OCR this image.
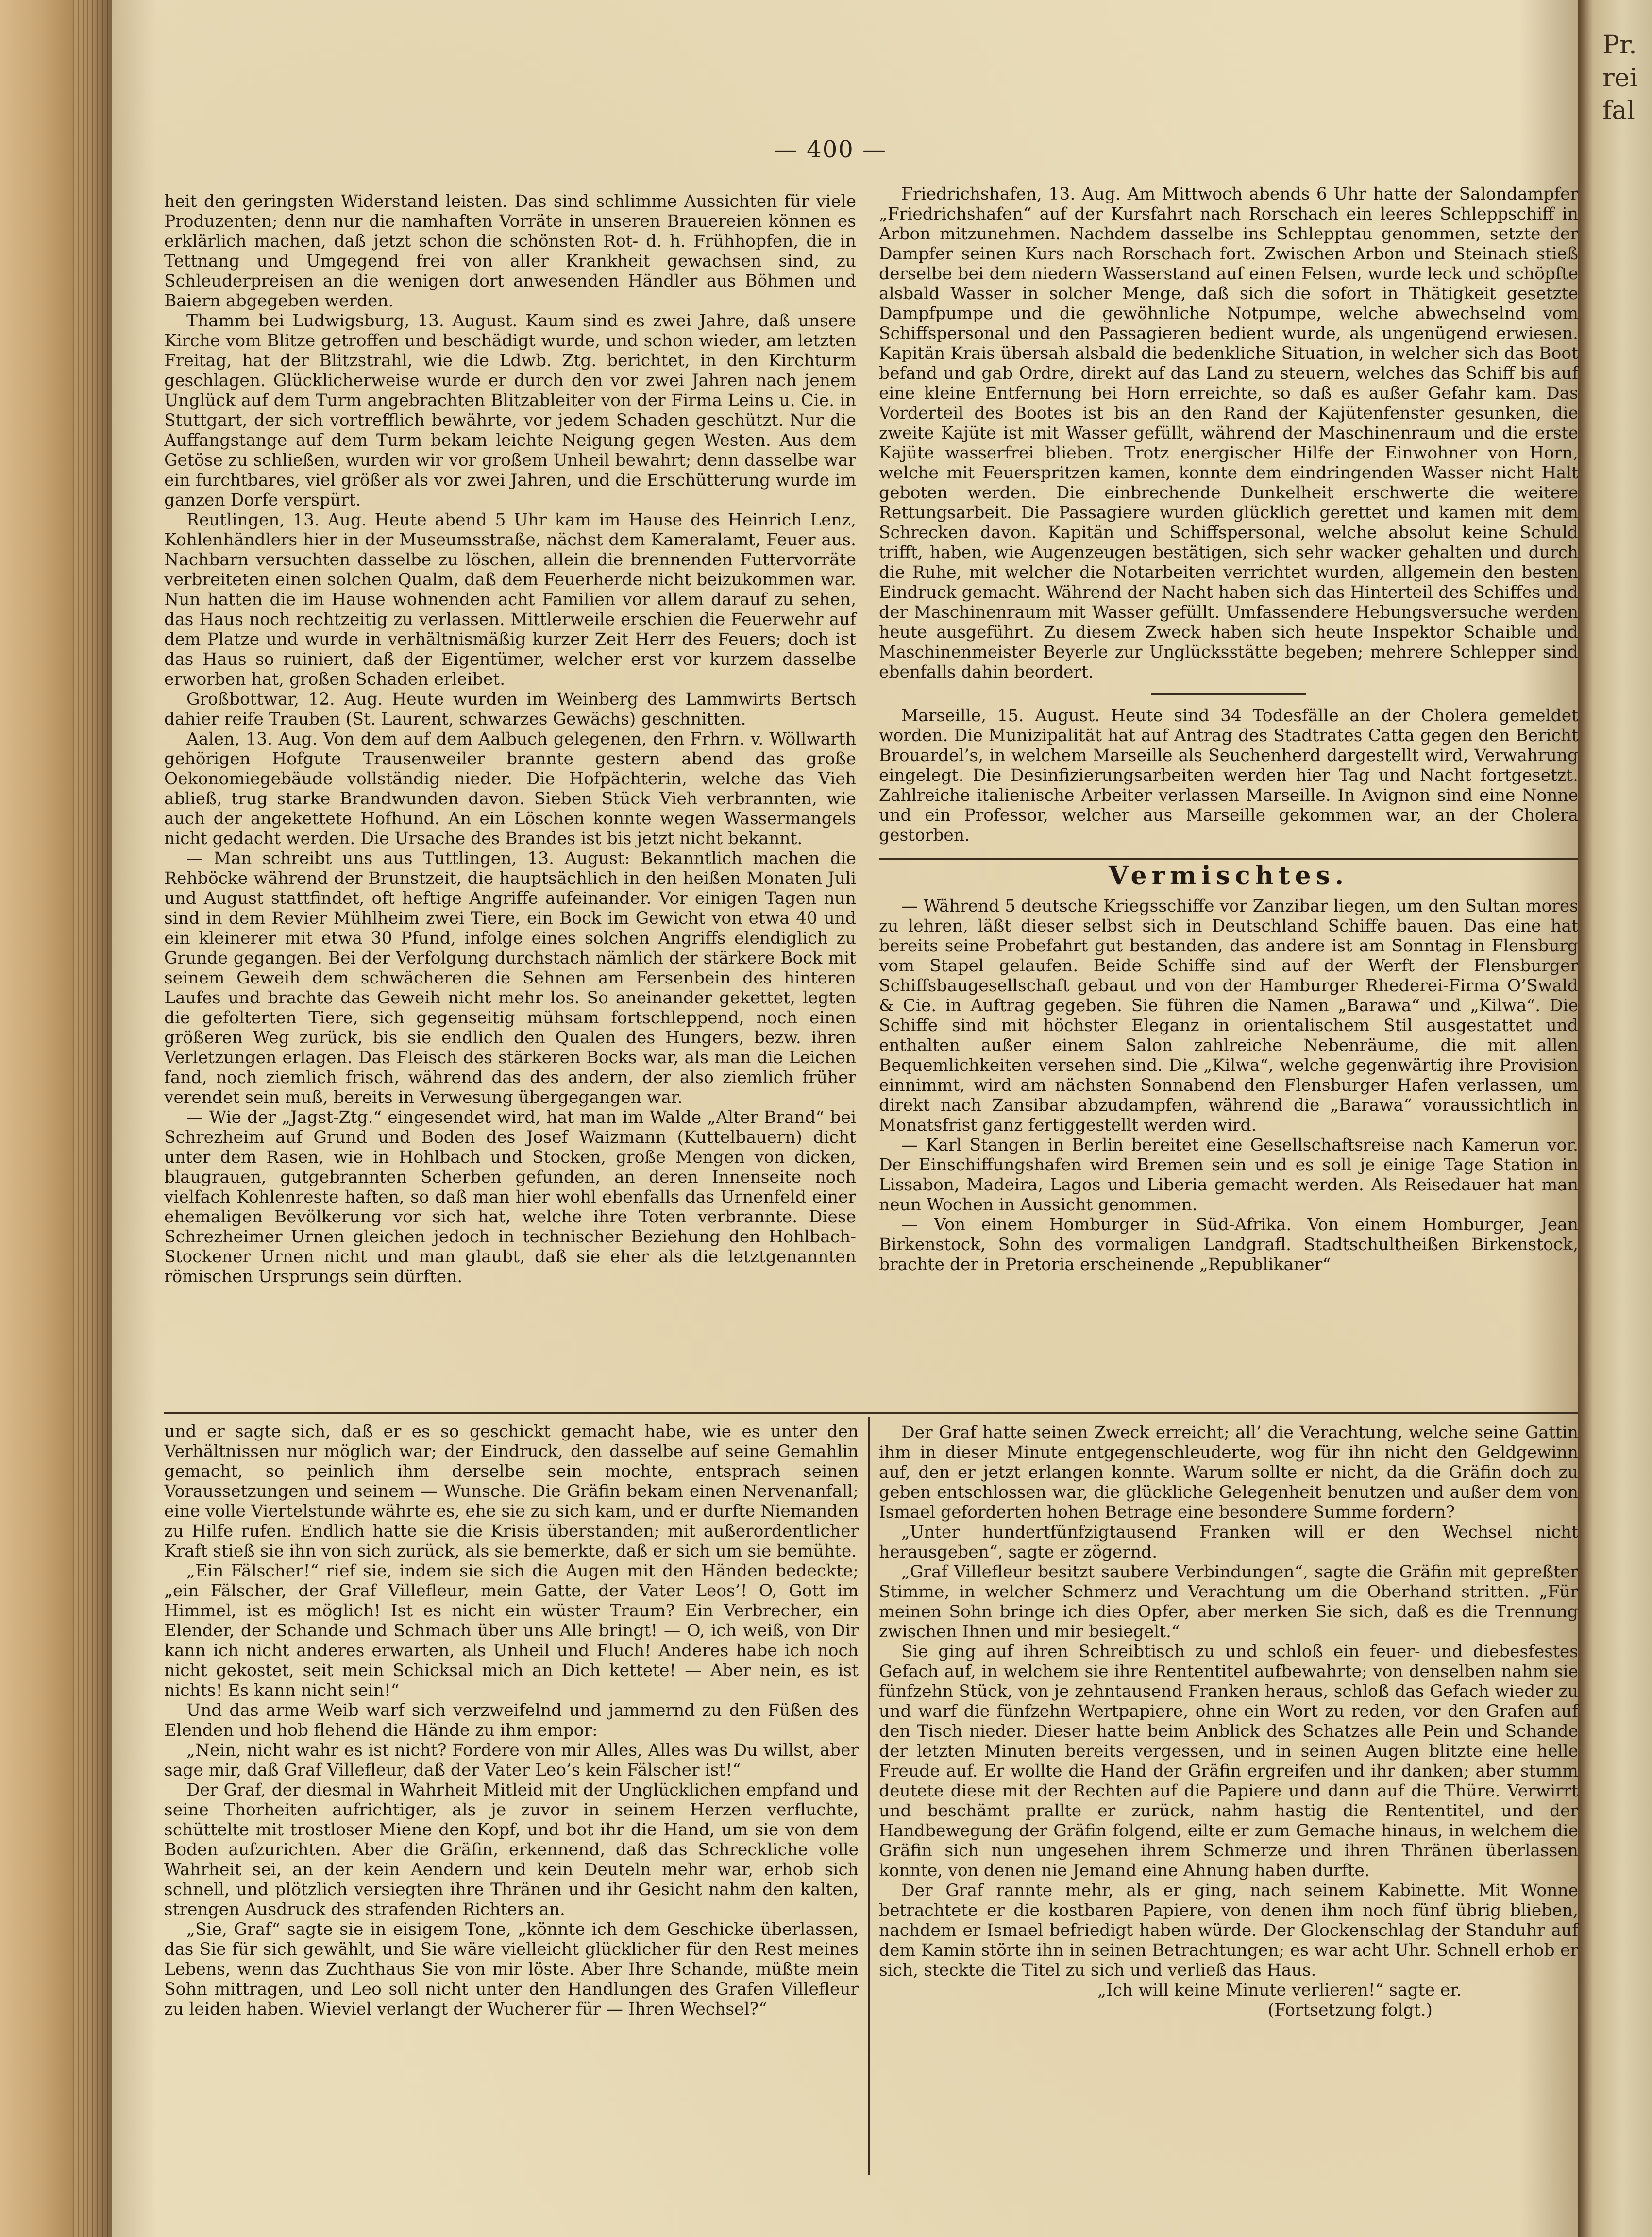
Pr.
rei
fal
— 400 —

heit den geringsten Widerstand leisten. Das sind schlimme Aussichten für viele Produzenten; denn nur die namhaften Vorräte in unseren Brauereien können es erklärlich machen, daß jetzt schon die schönsten Rot- d. h. Frühhopfen, die in Tettnang und Umgegend frei von aller Krankheit gewachsen sind, zu Schleuderpreisen an die wenigen dort anwesenden Händler aus Böhmen und Baiern abgegeben werden.

Thamm bei Ludwigsburg, 13. August. Kaum sind es zwei Jahre, daß unsere Kirche vom Blitze getroffen und beschädigt wurde, und schon wieder, am letzten Freitag, hat der Blitzstrahl, wie die Ldwb. Ztg. berichtet, in den Kirchturm geschlagen. Glücklicherweise wurde er durch den vor zwei Jahren nach jenem Unglück auf dem Turm angebrachten Blitzableiter von der Firma Leins u. Cie. in Stuttgart, der sich vortrefflich bewährte, vor jedem Schaden geschützt. Nur die Auffangstange auf dem Turm bekam leichte Neigung gegen Westen. Aus dem Getöse zu schließen, wurden wir vor großem Unheil bewahrt; denn dasselbe war ein furchtbares, viel größer als vor zwei Jahren, und die Erschütterung wurde im ganzen Dorfe verspürt.

Reutlingen, 13. Aug. Heute abend 5 Uhr kam im Hause des Heinrich Lenz, Kohlenhändlers hier in der Museumsstraße, nächst dem Kameralamt, Feuer aus. Nachbarn versuchten dasselbe zu löschen, allein die brennenden Futtervorräte verbreiteten einen solchen Qualm, daß dem Feuerherde nicht beizukommen war. Nun hatten die im Hause wohnenden acht Familien vor allem darauf zu sehen, das Haus noch rechtzeitig zu verlassen. Mittlerweile erschien die Feuerwehr auf dem Platze und wurde in verhältnismäßig kurzer Zeit Herr des Feuers; doch ist das Haus so ruiniert, daß der Eigentümer, welcher erst vor kurzem dasselbe erworben hat, großen Schaden erleibet.

Großbottwar, 12. Aug. Heute wurden im Weinberg des Lammwirts Bertsch dahier reife Trauben (St. Laurent, schwarzes Gewächs) geschnitten.

Aalen, 13. Aug. Von dem auf dem Aalbuch gelegenen, den Frhrn. v. Wöllwarth gehörigen Hofgute Trausenweiler brannte gestern abend das große Oekonomiegebäude vollständig nieder. Die Hofpächterin, welche das Vieh abließ, trug starke Brandwunden davon. Sieben Stück Vieh verbrannten, wie auch der angekettete Hofhund. An ein Löschen konnte wegen Wassermangels nicht gedacht werden. Die Ursache des Brandes ist bis jetzt nicht bekannt.

— Man schreibt uns aus Tuttlingen, 13. August: Bekanntlich machen die Rehböcke während der Brunstzeit, die hauptsächlich in den heißen Monaten Juli und August stattfindet, oft heftige Angriffe aufeinander. Vor einigen Tagen nun sind in dem Revier Mühlheim zwei Tiere, ein Bock im Gewicht von etwa 40 und ein kleinerer mit etwa 30 Pfund, infolge eines solchen Angriffs elendiglich zu Grunde gegangen. Bei der Verfolgung durchstach nämlich der stärkere Bock mit seinem Geweih dem schwächeren die Sehnen am Fersenbein des hinteren Laufes und brachte das Geweih nicht mehr los. So aneinander gekettet, legten die gefolterten Tiere, sich gegenseitig mühsam fortschleppend, noch einen größeren Weg zurück, bis sie endlich den Qualen des Hungers, bezw. ihren Verletzungen erlagen. Das Fleisch des stärkeren Bocks war, als man die Leichen fand, noch ziemlich frisch, während das des andern, der also ziemlich früher verendet sein muß, bereits in Verwesung übergegangen war.

— Wie der „Jagst-Ztg.“ eingesendet wird, hat man im Walde „Alter Brand“ bei Schrezheim auf Grund und Boden des Josef Waizmann (Kuttelbauern) dicht unter dem Rasen, wie in Hohlbach und Stocken, große Mengen von dicken, blaugrauen, gutgebrannten Scherben gefunden, an deren Innenseite noch vielfach Kohlenreste haften, so daß man hier wohl ebenfalls das Urnenfeld einer ehemaligen Bevölkerung vor sich hat, welche ihre Toten verbrannte. Diese Schrezheimer Urnen gleichen jedoch in technischer Beziehung den Hohlbach-Stockener Urnen nicht und man glaubt, daß sie eher als die letztgenannten römischen Ursprungs sein dürften.

Friedrichshafen, 13. Aug. Am Mittwoch abends 6 Uhr hatte der Salondampfer „Friedrichshafen“ auf der Kursfahrt nach Rorschach ein leeres Schleppschiff in Arbon mitzunehmen. Nachdem dasselbe ins Schlepptau genommen, setzte der Dampfer seinen Kurs nach Rorschach fort. Zwischen Arbon und Steinach stieß derselbe bei dem niedern Wasserstand auf einen Felsen, wurde leck und schöpfte alsbald Wasser in solcher Menge, daß sich die sofort in Thätigkeit gesetzte Dampfpumpe und die gewöhnliche Notpumpe, welche abwechselnd vom Schiffspersonal und den Passagieren bedient wurde, als ungenügend erwiesen. Kapitän Krais übersah alsbald die bedenkliche Situation, in welcher sich das Boot befand und gab Ordre, direkt auf das Land zu steuern, welches das Schiff bis auf eine kleine Entfernung bei Horn erreichte, so daß es außer Gefahr kam. Das Vorderteil des Bootes ist bis an den Rand der Kajütenfenster gesunken, die zweite Kajüte ist mit Wasser gefüllt, während der Maschinenraum und die erste Kajüte wasserfrei blieben. Trotz energischer Hilfe der Einwohner von Horn, welche mit Feuerspritzen kamen, konnte dem eindringenden Wasser nicht Halt geboten werden. Die einbrechende Dunkelheit erschwerte die weitere Rettungsarbeit. Die Passagiere wurden glücklich gerettet und kamen mit dem Schrecken davon. Kapitän und Schiffspersonal, welche absolut keine Schuld trifft, haben, wie Augenzeugen bestätigen, sich sehr wacker gehalten und durch die Ruhe, mit welcher die Notarbeiten verrichtet wurden, allgemein den besten Eindruck gemacht. Während der Nacht haben sich das Hinterteil des Schiffes und der Maschinenraum mit Wasser gefüllt. Umfassendere Hebungsversuche werden heute ausgeführt. Zu diesem Zweck haben sich heute Inspektor Schaible und Maschinenmeister Beyerle zur Unglücksstätte begeben; mehrere Schlepper sind ebenfalls dahin beordert.

Marseille, 15. August. Heute sind 34 Todesfälle an der Cholera gemeldet worden. Die Munizipalität hat auf Antrag des Stadtrates Catta gegen den Bericht Brouardel’s, in welchem Marseille als Seuchenherd dargestellt wird, Verwahrung eingelegt. Die Desinfizierungsarbeiten werden hier Tag und Nacht fortgesetzt. Zahlreiche italienische Arbeiter verlassen Marseille. In Avignon sind eine Nonne und ein Professor, welcher aus Marseille gekommen war, an der Cholera gestorben.

Vermischtes.

— Während 5 deutsche Kriegsschiffe vor Zanzibar liegen, um den Sultan mores zu lehren, läßt dieser selbst sich in Deutschland Schiffe bauen. Das eine hat bereits seine Probefahrt gut bestanden, das andere ist am Sonntag in Flensburg vom Stapel gelaufen. Beide Schiffe sind auf der Werft der Flensburger Schiffsbaugesellschaft gebaut und von der Hamburger Rhederei-Firma O’Swald & Cie. in Auftrag gegeben. Sie führen die Namen „Barawa“ und „Kilwa“. Die Schiffe sind mit höchster Eleganz in orientalischem Stil ausgestattet und enthalten außer einem Salon zahlreiche Nebenräume, die mit allen Bequemlichkeiten versehen sind. Die „Kilwa“, welche gegenwärtig ihre Provision einnimmt, wird am nächsten Sonnabend den Flensburger Hafen verlassen, um direkt nach Zansibar abzudampfen, während die „Barawa“ voraussichtlich in Monatsfrist ganz fertiggestellt werden wird.

— Karl Stangen in Berlin bereitet eine Gesellschaftsreise nach Kamerun vor. Der Einschiffungshafen wird Bremen sein und es soll je einige Tage Station in Lissabon, Madeira, Lagos und Liberia gemacht werden. Als Reisedauer hat man neun Wochen in Aussicht genommen.

— Von einem Homburger in Süd-Afrika. Von einem Homburger, Jean Birkenstock, Sohn des vormaligen Landgrafl. Stadtschultheißen Birkenstock, brachte der in Pretoria erscheinende „Republikaner“

und er sagte sich, daß er es so geschickt gemacht habe, wie es unter den Verhältnissen nur möglich war; der Eindruck, den dasselbe auf seine Gemahlin gemacht, so peinlich ihm derselbe sein mochte, entsprach seinen Voraussetzungen und seinem — Wunsche. Die Gräfin bekam einen Nervenanfall; eine volle Viertelstunde währte es, ehe sie zu sich kam, und er durfte Niemanden zu Hilfe rufen. Endlich hatte sie die Krisis überstanden; mit außerordentlicher Kraft stieß sie ihn von sich zurück, als sie bemerkte, daß er sich um sie bemühte.

„Ein Fälscher!“ rief sie, indem sie sich die Augen mit den Händen bedeckte; „ein Fälscher, der Graf Villefleur, mein Gatte, der Vater Leos’! O, Gott im Himmel, ist es möglich! Ist es nicht ein wüster Traum? Ein Verbrecher, ein Elender, der Schande und Schmach über uns Alle bringt! — O, ich weiß, von Dir kann ich nicht anderes erwarten, als Unheil und Fluch! Anderes habe ich noch nicht gekostet, seit mein Schicksal mich an Dich kettete! — Aber nein, es ist nichts! Es kann nicht sein!“

Und das arme Weib warf sich verzweifelnd und jammernd zu den Füßen des Elenden und hob flehend die Hände zu ihm empor:

„Nein, nicht wahr es ist nicht? Fordere von mir Alles, Alles was Du willst, aber sage mir, daß Graf Villefleur, daß der Vater Leo’s kein Fälscher ist!“

Der Graf, der diesmal in Wahrheit Mitleid mit der Unglücklichen empfand und seine Thorheiten aufrichtiger, als je zuvor in seinem Herzen verfluchte, schüttelte mit trostloser Miene den Kopf, und bot ihr die Hand, um sie von dem Boden aufzurichten. Aber die Gräfin, erkennend, daß das Schreckliche volle Wahrheit sei, an der kein Aendern und kein Deuteln mehr war, erhob sich schnell, und plötzlich versiegten ihre Thränen und ihr Gesicht nahm den kalten, strengen Ausdruck des strafenden Richters an.

„Sie, Graf“ sagte sie in eisigem Tone, „könnte ich dem Geschicke überlassen, das Sie für sich gewählt, und Sie wäre vielleicht glücklicher für den Rest meines Lebens, wenn das Zuchthaus Sie von mir löste. Aber Ihre Schande, müßte mein Sohn mittragen, und Leo soll nicht unter den Handlungen des Grafen Villefleur zu leiden haben. Wieviel verlangt der Wucherer für — Ihren Wechsel?“

Der Graf hatte seinen Zweck erreicht; all’ die Verachtung, welche seine Gattin ihm in dieser Minute entgegenschleuderte, wog für ihn nicht den Geldgewinn auf, den er jetzt erlangen konnte. Warum sollte er nicht, da die Gräfin doch zu geben entschlossen war, die glückliche Gelegenheit benutzen und außer dem von Ismael geforderten hohen Betrage eine besondere Summe fordern?

„Unter hundertfünfzigtausend Franken will er den Wechsel nicht herausgeben“, sagte er zögernd.

„Graf Villefleur besitzt saubere Verbindungen“, sagte die Gräfin mit gepreßter Stimme, in welcher Schmerz und Verachtung um die Oberhand stritten. „Für meinen Sohn bringe ich dies Opfer, aber merken Sie sich, daß es die Trennung zwischen Ihnen und mir besiegelt.“

Sie ging auf ihren Schreibtisch zu und schloß ein feuer- und diebesfestes Gefach auf, in welchem sie ihre Rententitel aufbewahrte; von denselben nahm sie fünfzehn Stück, von je zehntausend Franken heraus, schloß das Gefach wieder zu und warf die fünfzehn Wertpapiere, ohne ein Wort zu reden, vor den Grafen auf den Tisch nieder. Dieser hatte beim Anblick des Schatzes alle Pein und Schande der letzten Minuten bereits vergessen, und in seinen Augen blitzte eine helle Freude auf. Er wollte die Hand der Gräfin ergreifen und ihr danken; aber stumm deutete diese mit der Rechten auf die Papiere und dann auf die Thüre. Verwirrt und beschämt prallte er zurück, nahm hastig die Rententitel, und der Handbewegung der Gräfin folgend, eilte er zum Gemache hinaus, in welchem die Gräfin sich nun ungesehen ihrem Schmerze und ihren Thränen überlassen konnte, von denen nie Jemand eine Ahnung haben durfte.

Der Graf rannte mehr, als er ging, nach seinem Kabinette. Mit Wonne betrachtete er die kostbaren Papiere, von denen ihm noch fünf übrig blieben, nachdem er Ismael befriedigt haben würde. Der Glockenschlag der Standuhr auf dem Kamin störte ihn in seinen Betrachtungen; es war acht Uhr. Schnell erhob er sich, steckte die Titel zu sich und verließ das Haus.

„Ich will keine Minute verlieren!“ sagte er.

(Fortsetzung folgt.)
